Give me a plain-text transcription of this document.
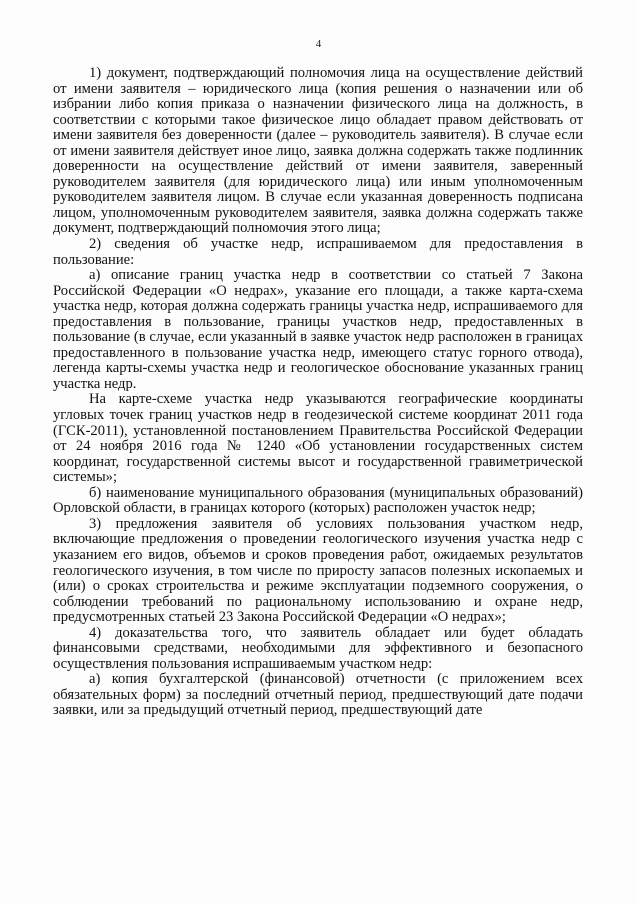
4

1) документ, подтверждающий полномочия лица на осуществление действий от имени заявителя – юридического лица (копия решения о назначении или об избрании либо копия приказа о назначении физического лица на должность, в соответствии с которыми такое физическое лицо обладает правом действовать от имени заявителя без доверенности (далее – руководитель заявителя). В случае если от имени заявителя действует иное лицо, заявка должна содержать также подлинник доверенности на осуществление действий от имени заявителя, заверенный руководителем заявителя (для юридического лица) или иным уполномоченным руководителем заявителя лицом. В случае если указанная доверенность подписана лицом, уполномоченным руководителем заявителя, заявка должна содержать также документ, подтверждающий полномочия этого лица;

2) сведения об участке недр, испрашиваемом для предоставления в пользование:

а) описание границ участка недр в соответствии со статьей 7 Закона Российской Федерации «О недрах», указание его площади, а также карта-схема участка недр, которая должна содержать границы участка недр, испрашиваемого для предоставления в пользование, границы участков недр, предоставленных в пользование (в случае, если указанный в заявке участок недр расположен в границах предоставленного в пользование участка недр, имеющего статус горного отвода), легенда карты-схемы участка недр и геологическое обоснование указанных границ участка недр.

На карте-схеме участка недр указываются географические координаты угловых точек границ участков недр в геодезической системе координат 2011 года (ГСК-2011), установленной постановлением Правительства Российской Федерации от 24 ноября 2016 года № 1240 «Об установлении государственных систем координат, государственной системы высот и государственной гравиметрической системы»;

б) наименование муниципального образования (муниципальных образований) Орловской области, в границах которого (которых) расположен участок недр;

3) предложения заявителя об условиях пользования участком недр, включающие предложения о проведении геологического изучения участка недр с указанием его видов, объемов и сроков проведения работ, ожидаемых результатов геологического изучения, в том числе по приросту запасов полезных ископаемых и (или) о сроках строительства и режиме эксплуатации подземного сооружения, о соблюдении требований по рациональному использованию и охране недр, предусмотренных статьей 23 Закона Российской Федерации «О недрах»;

4) доказательства того, что заявитель обладает или будет обладать финансовыми средствами, необходимыми для эффективного и безопасного осуществления пользования испрашиваемым участком недр:

а) копия бухгалтерской (финансовой) отчетности (с приложением всех обязательных форм) за последний отчетный период, предшествующий дате подачи заявки, или за предыдущий отчетный период, предшествующий дате
